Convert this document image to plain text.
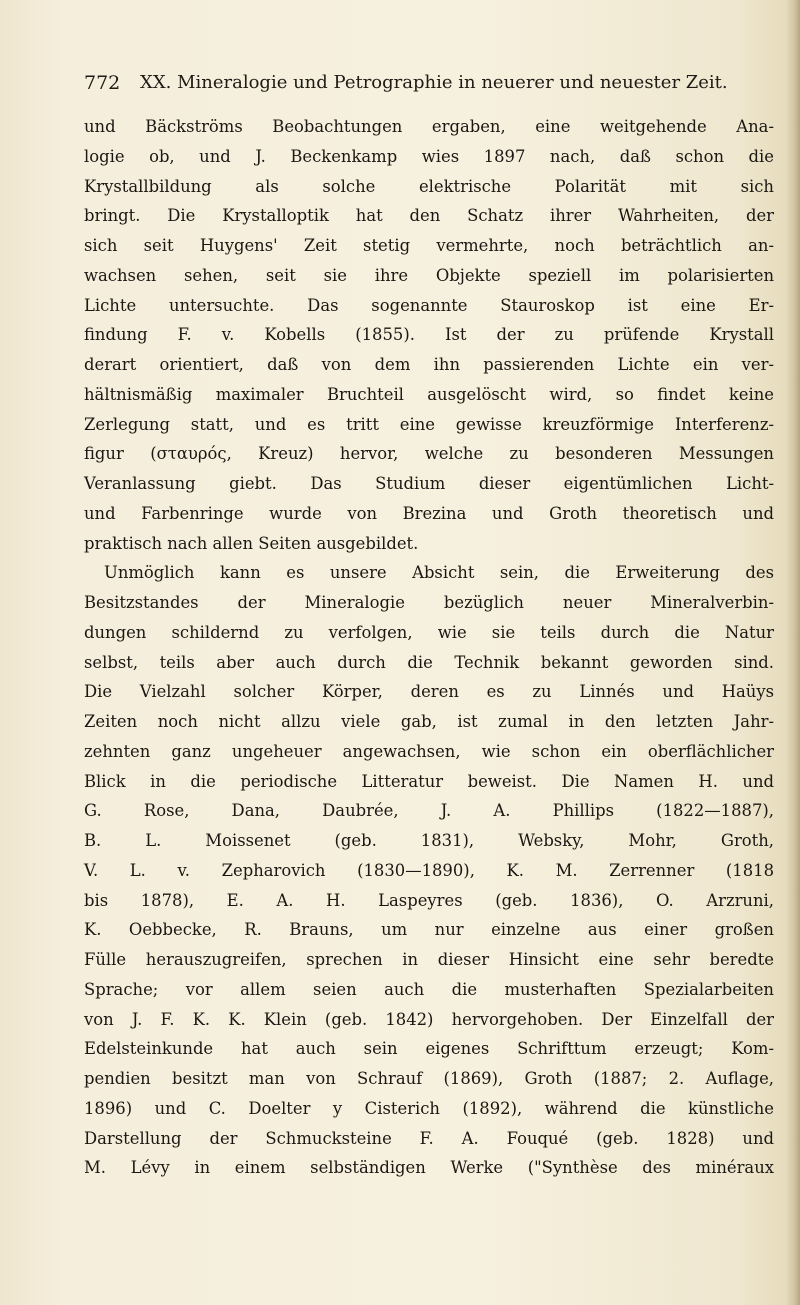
772 XX. Mineralogie und Petrographie in neuerer und neuester Zeit.
und Bäckströms Beobachtungen ergaben, eine weitgehende Ana-
logie ob, und J. Beckenkamp wies 1897 nach, daß schon die
Krystallbildung als solche elektrische Polarität mit sich
bringt. Die Krystalloptik hat den Schatz ihrer Wahrheiten, der
sich seit Huygens' Zeit stetig vermehrte, noch beträchtlich an-
wachsen sehen, seit sie ihre Objekte speziell im polarisierten
Lichte untersuchte. Das sogenannte Stauroskop ist eine Er-
findung F. v. Kobells (1855). Ist der zu prüfende Krystall
derart orientiert, daß von dem ihn passierenden Lichte ein ver-
hältnismäßig maximaler Bruchteil ausgelöscht wird, so findet keine
Zerlegung statt, und es tritt eine gewisse kreuzförmige Interferenz-
figur (σταυρός, Kreuz) hervor, welche zu besonderen Messungen
Veranlassung giebt. Das Studium dieser eigentümlichen Licht-
und Farbenringe wurde von Brezina und Groth theoretisch und
praktisch nach allen Seiten ausgebildet.
Unmöglich kann es unsere Absicht sein, die Erweiterung des
Besitzstandes der Mineralogie bezüglich neuer Mineralverbin-
dungen schildernd zu verfolgen, wie sie teils durch die Natur
selbst, teils aber auch durch die Technik bekannt geworden sind.
Die Vielzahl solcher Körper, deren es zu Linnés und Haüys
Zeiten noch nicht allzu viele gab, ist zumal in den letzten Jahr-
zehnten ganz ungeheuer angewachsen, wie schon ein oberflächlicher
Blick in die periodische Litteratur beweist. Die Namen H. und
G. Rose, Dana, Daubrée, J. A. Phillips (1822—1887),
B. L. Moissenet (geb. 1831), Websky, Mohr, Groth,
V. L. v. Zepharovich (1830—1890), K. M. Zerrenner (1818
bis 1878), E. A. H. Laspeyres (geb. 1836), O. Arzruni,
K. Oebbecke, R. Brauns, um nur einzelne aus einer großen
Fülle herauszugreifen, sprechen in dieser Hinsicht eine sehr beredte
Sprache; vor allem seien auch die musterhaften Spezialarbeiten
von J. F. K. K. Klein (geb. 1842) hervorgehoben. Der Einzelfall der
Edelsteinkunde hat auch sein eigenes Schrifttum erzeugt; Kom-
pendien besitzt man von Schrauf (1869), Groth (1887; 2. Auflage,
1896) und C. Doelter y Cisterich (1892), während die künstliche
Darstellung der Schmucksteine F. A. Fouqué (geb. 1828) und
M. Lévy in einem selbständigen Werke ("Synthèse des minéraux
